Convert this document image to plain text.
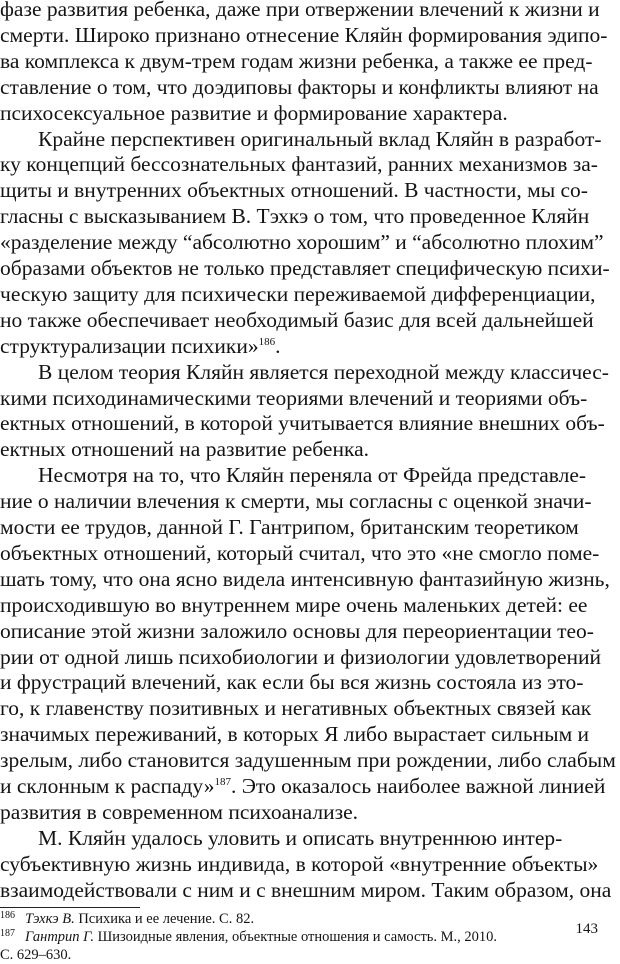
фазе развития ребенка, даже при отвержении влечений к жизни и
смерти. Широко признано отнесение Кляйн формирования эдипо-
ва комплекса к двум-трем годам жизни ребенка, а также ее пред-
ставление о том, что доэдиповы факторы и конфликты влияют на
психосексуальное развитие и формирование характера.
Крайне перспективен оригинальный вклад Кляйн в разработ-
ку концепций бессознательных фантазий, ранних механизмов за-
щиты и внутренних объектных отношений. В частности, мы со-
гласны с высказыванием В. Тэхкэ о том, что проведенное Кляйн
«разделение между “абсолютно хорошим” и “абсолютно плохим”
образами объектов не только представляет специфическую психи-
ческую защиту для психически переживаемой дифференциации,
но также обеспечивает необходимый базис для всей дальнейшей
структурализации психики»$^{186}$.
В целом теория Кляйн является переходной между классичес-
кими психодинамическими теориями влечений и теориями объ-
ектных отношений, в которой учитывается влияние внешних объ-
ектных отношений на развитие ребенка.
Несмотря на то, что Кляйн переняла от Фрейда представле-
ние о наличии влечения к смерти, мы согласны с оценкой значи-
мости ее трудов, данной Г. Гантрипом, британским теоретиком
объектных отношений, который считал, что это «не смогло поме-
шать тому, что она ясно видела интенсивную фантазийную жизнь,
происходившую во внутреннем мире очень маленьких детей: ее
описание этой жизни заложило основы для переориентации тео-
рии от одной лишь психобиологии и физиологии удовлетворений
и фрустраций влечений, как если бы вся жизнь состояла из это-
го, к главенству позитивных и негативных объектных связей как
значимых переживаний, в которых Я либо вырастает сильным и
зрелым, либо становится задушенным при рождении, либо слабым
и склонным к распаду»$^{187}$. Это оказалось наиболее важной линией
развития в современном психоанализе.
М. Кляйн удалось уловить и описать внутреннюю интер-
субъективную жизнь индивида, в которой «внутренние объекты»
взаимодействовали с ним и с внешним миром. Таким образом, она
$^{186}$ Тэхкэ В. Психика и ее лечение. С. 82.
$^{187}$ Гантрип Г. Шизоидные явления, объектные отношения и самость. М., 2010.
С. 629–630.
143
